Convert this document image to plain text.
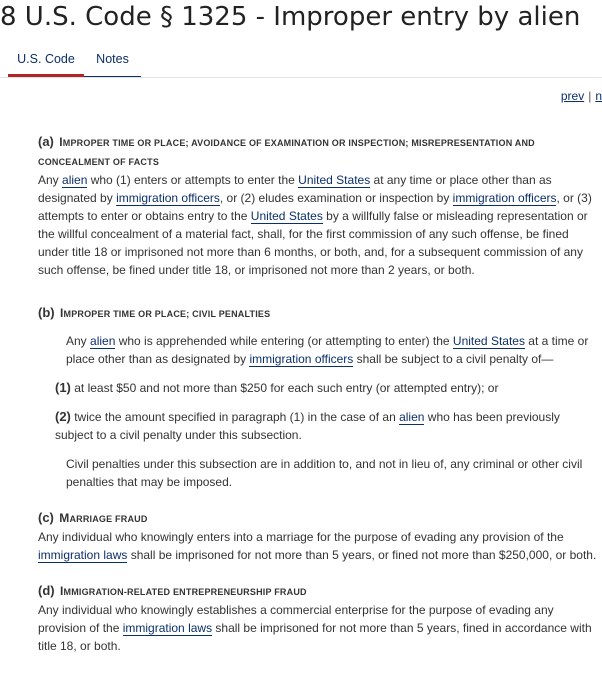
8 U.S. Code § 1325 - Improper entry by alien
U.S. Code	Notes
prev | n
(a) IMPROPER TIME OR PLACE; AVOIDANCE OF EXAMINATION OR INSPECTION; MISREPRESENTATION AND CONCEALMENT OF FACTS

Any alien who (1) enters or attempts to enter the United States at any time or place other than as designated by immigration officers, or (2) eludes examination or inspection by immigration officers, or (3) attempts to enter or obtains entry to the United States by a willfully false or misleading representation or the willful concealment of a material fact, shall, for the first commission of any such offense, be fined under title 18 or imprisoned not more than 6 months, or both, and, for a subsequent commission of any such offense, be fined under title 18, or imprisoned not more than 2 years, or both.

(b) IMPROPER TIME OR PLACE; CIVIL PENALTIES

Any alien who is apprehended while entering (or attempting to enter) the United States at a time or place other than as designated by immigration officers shall be subject to a civil penalty of—

(1) at least $50 and not more than $250 for each such entry (or attempted entry); or

(2) twice the amount specified in paragraph (1) in the case of an alien who has been previously subject to a civil penalty under this subsection.

Civil penalties under this subsection are in addition to, and not in lieu of, any criminal or other civil penalties that may be imposed.

(c) MARRIAGE FRAUD

Any individual who knowingly enters into a marriage for the purpose of evading any provision of the immigration laws shall be imprisoned for not more than 5 years, or fined not more than $250,000, or both.

(d) IMMIGRATION-RELATED ENTREPRENEURSHIP FRAUD

Any individual who knowingly establishes a commercial enterprise for the purpose of evading any provision of the immigration laws shall be imprisoned for not more than 5 years, fined in accordance with title 18, or both.
